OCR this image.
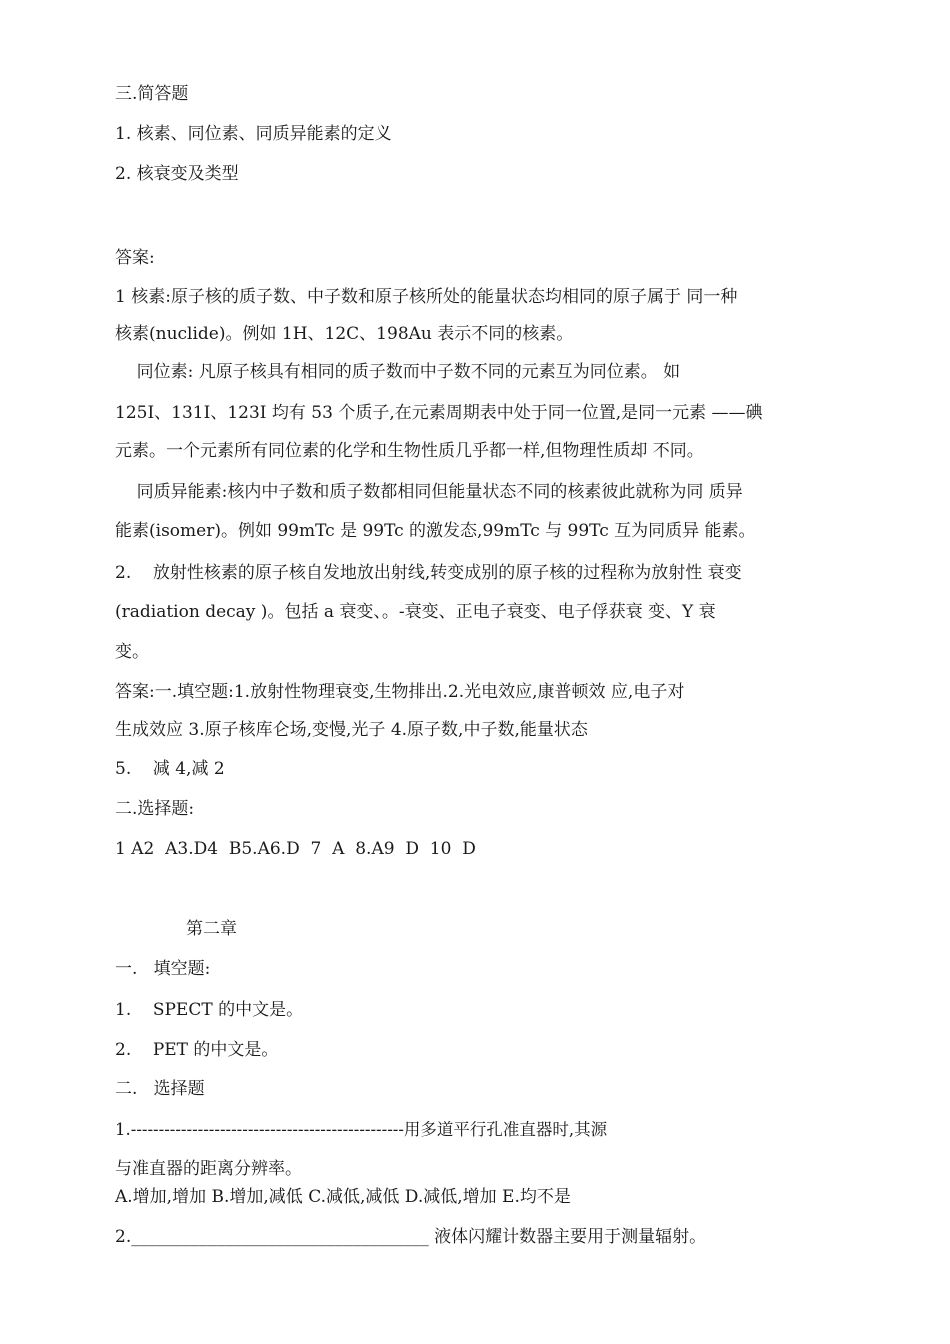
三.简答题
1. 核素、同位素、同质异能素的定义
2. 核衰变及类型
答案:
1 核素:原子核的质子数、中子数和原子核所处的能量状态均相同的原子属于 同一种
核素(nuclide)。例如 1H、12C、198Au 表示不同的核素。
同位素: 凡原子核具有相同的质子数而中子数不同的元素互为同位素。 如
125I、131I、123I 均有 53 个质子,在元素周期表中处于同一位置,是同一元素 ——碘
元素。一个元素所有同位素的化学和生物性质几乎都一样,但物理性质却 不同。
同质异能素:核内中子数和质子数都相同但能量状态不同的核素彼此就称为同 质异
能素(isomer)。例如 99mTc 是 99Tc 的激发态,99mTc 与 99Tc 互为同质异 能素。
2.    放射性核素的原子核自发地放出射线,转变成别的原子核的过程称为放射性 衰变
(radiation decay )。包括 a 衰变、。-衰变、正电子衰变、电子俘获衰 变、Y 衰
变。
答案:一.填空题:1.放射性物理衰变,生物排出.2.光电效应,康普顿效 应,电子对
生成效应 3.原子核库仑场,变慢,光子 4.原子数,中子数,能量状态
5.    减 4,减 2
二.选择题:
1 A2  A3.D4  B5.A6.D  7  A  8.A9  D  10  D
第二章
一.   填空题:
1.    SPECT 的中文是。
2.    PET 的中文是。
二.   选择题
1.-------------------------------------------------用多道平行孔准直器时,其源
与准直器的距离分辨率。
A.增加,增加 B.增加,减低 C.减低,减低 D.减低,增加 E.均不是
2.___________________________________ 液体闪耀计数器主要用于测量辐射。
